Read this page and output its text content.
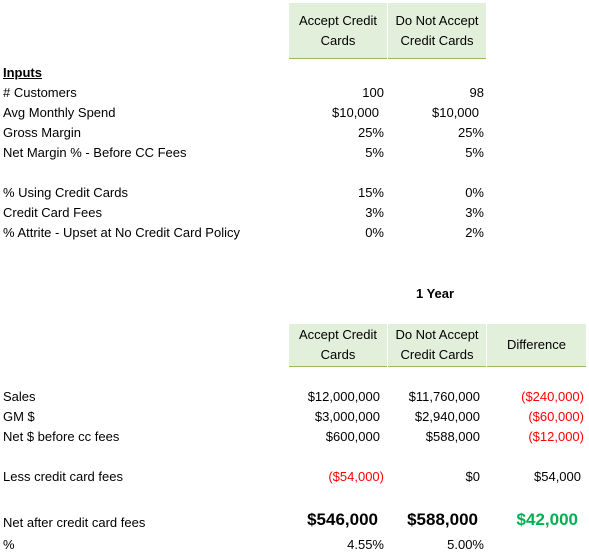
Accept Credit
Cards
Do Not Accept
Credit Cards
Inputs
# Customers	100	98
Avg Monthly Spend	$10,000	$10,000
Gross Margin	25%	25%
Net Margin % - Before CC Fees	5%	5%
% Using Credit Cards	15%	0%
Credit Card Fees	3%	3%
% Attrite - Upset at No Credit Card Policy	0%	2%
1 Year
Accept Credit
Cards
Do Not Accept
Credit Cards
Difference
Sales	$12,000,000 $11,760,000	($240,000)
GM $	$3,000,000	$2,940,000	($60,000)
Net $ before cc fees	$600,000	$588,000	($12,000)
Less credit card fees	($54,000)	$0	$54,000
Net after credit card fees	$546,000 $588,000 $42,000
%	4.55%	5.00%
